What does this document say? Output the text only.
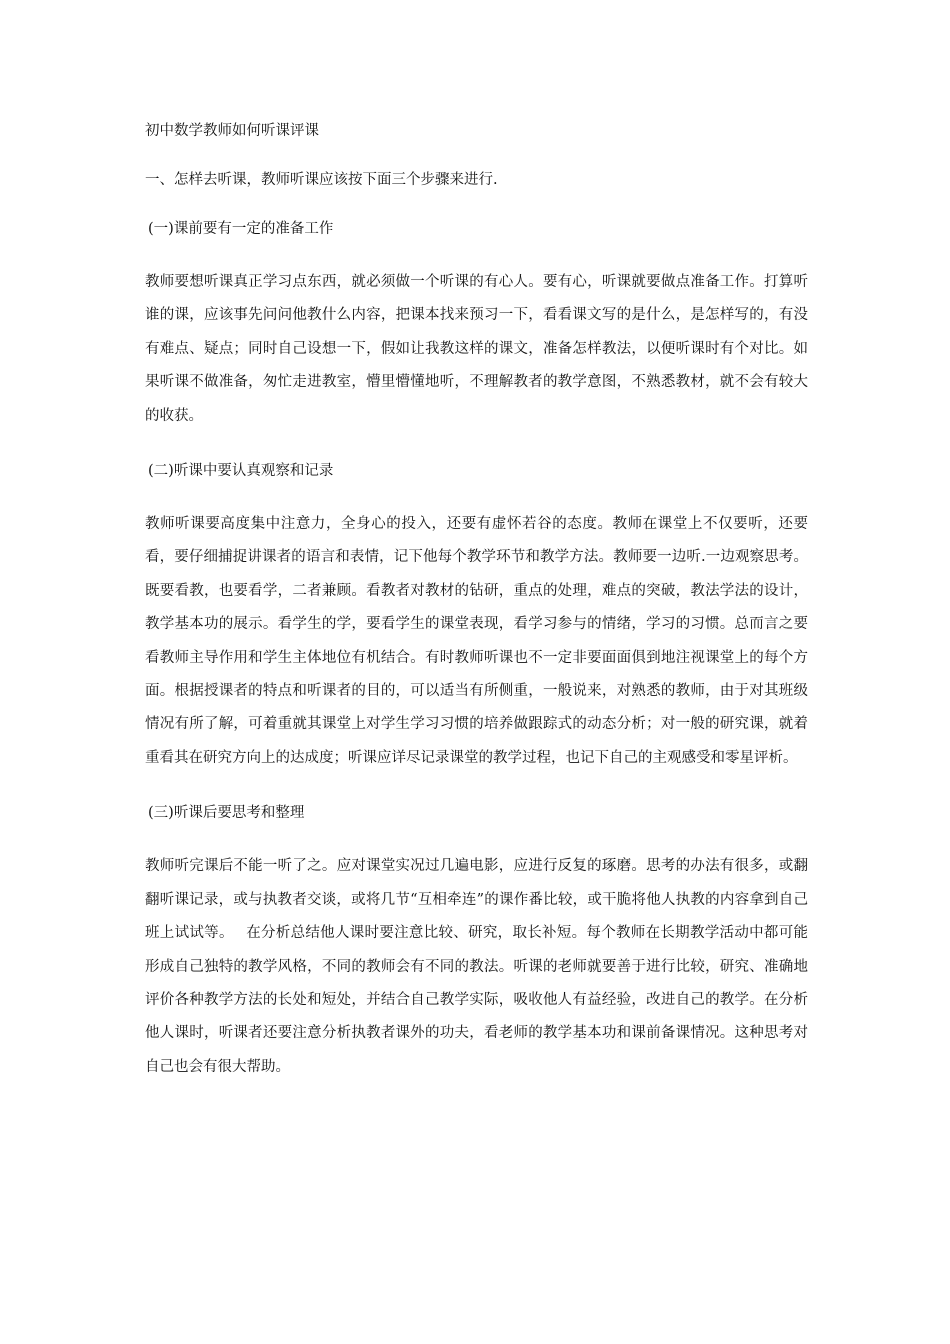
初中数学教师如何听课评课

一、怎样去听课，教师听课应该按下面三个步骤来进行.

(一)课前要有一定的准备工作

教师要想听课真正学习点东西，就必须做一个听课的有心人。要有心，听课就要做点准备工作。打算听谁的课，应该事先问问他教什么内容，把课本找来预习一下，看看课文写的是什么，是怎样写的，有没有难点、疑点；同时自己设想一下，假如让我教这样的课文，准备怎样教法，以便听课时有个对比。如果听课不做准备，匆忙走进教室，懵里懵懂地听，不理解教者的教学意图，不熟悉教材，就不会有较大的收获。

(二)听课中要认真观察和记录

教师听课要高度集中注意力，全身心的投入，还要有虚怀若谷的态度。教师在课堂上不仅要听，还要看，要仔细捕捉讲课者的语言和表情，记下他每个教学环节和教学方法。教师要一边听.一边观察思考。既要看教，也要看学，二者兼顾。看教者对教材的钻研，重点的处理，难点的突破，教法学法的设计，教学基本功的展示。看学生的学，要看学生的课堂表现，看学习参与的情绪，学习的习惯。总而言之要看教师主导作用和学生主体地位有机结合。有时教师听课也不一定非要面面俱到地注视课堂上的每个方面。根据授课者的特点和听课者的目的，可以适当有所侧重，一般说来，对熟悉的教师，由于对其班级情况有所了解，可着重就其课堂上对学生学习习惯的培养做跟踪式的动态分析；对一般的研究课，就着重看其在研究方向上的达成度；听课应详尽记录课堂的教学过程，也记下自己的主观感受和零星评析。

(三)听课后要思考和整理

教师听完课后不能一听了之。应对课堂实况过几遍电影，应进行反复的琢磨。思考的办法有很多，或翻翻听课记录，或与执教者交谈，或将几节“互相牵连”的课作番比较，或干脆将他人执教的内容拿到自己班上试试等。　 在分析总结他人课时要注意比较、研究，取长补短。每个教师在长期教学活动中都可能形成自己独特的教学风格，不同的教师会有不同的教法。听课的老师就要善于进行比较，研究、准确地评价各种教学方法的长处和短处，并结合自己教学实际，吸收他人有益经验，改进自己的教学。在分析他人课时，听课者还要注意分析执教者课外的功夫，看老师的教学基本功和课前备课情况。这种思考对自己也会有很大帮助。
